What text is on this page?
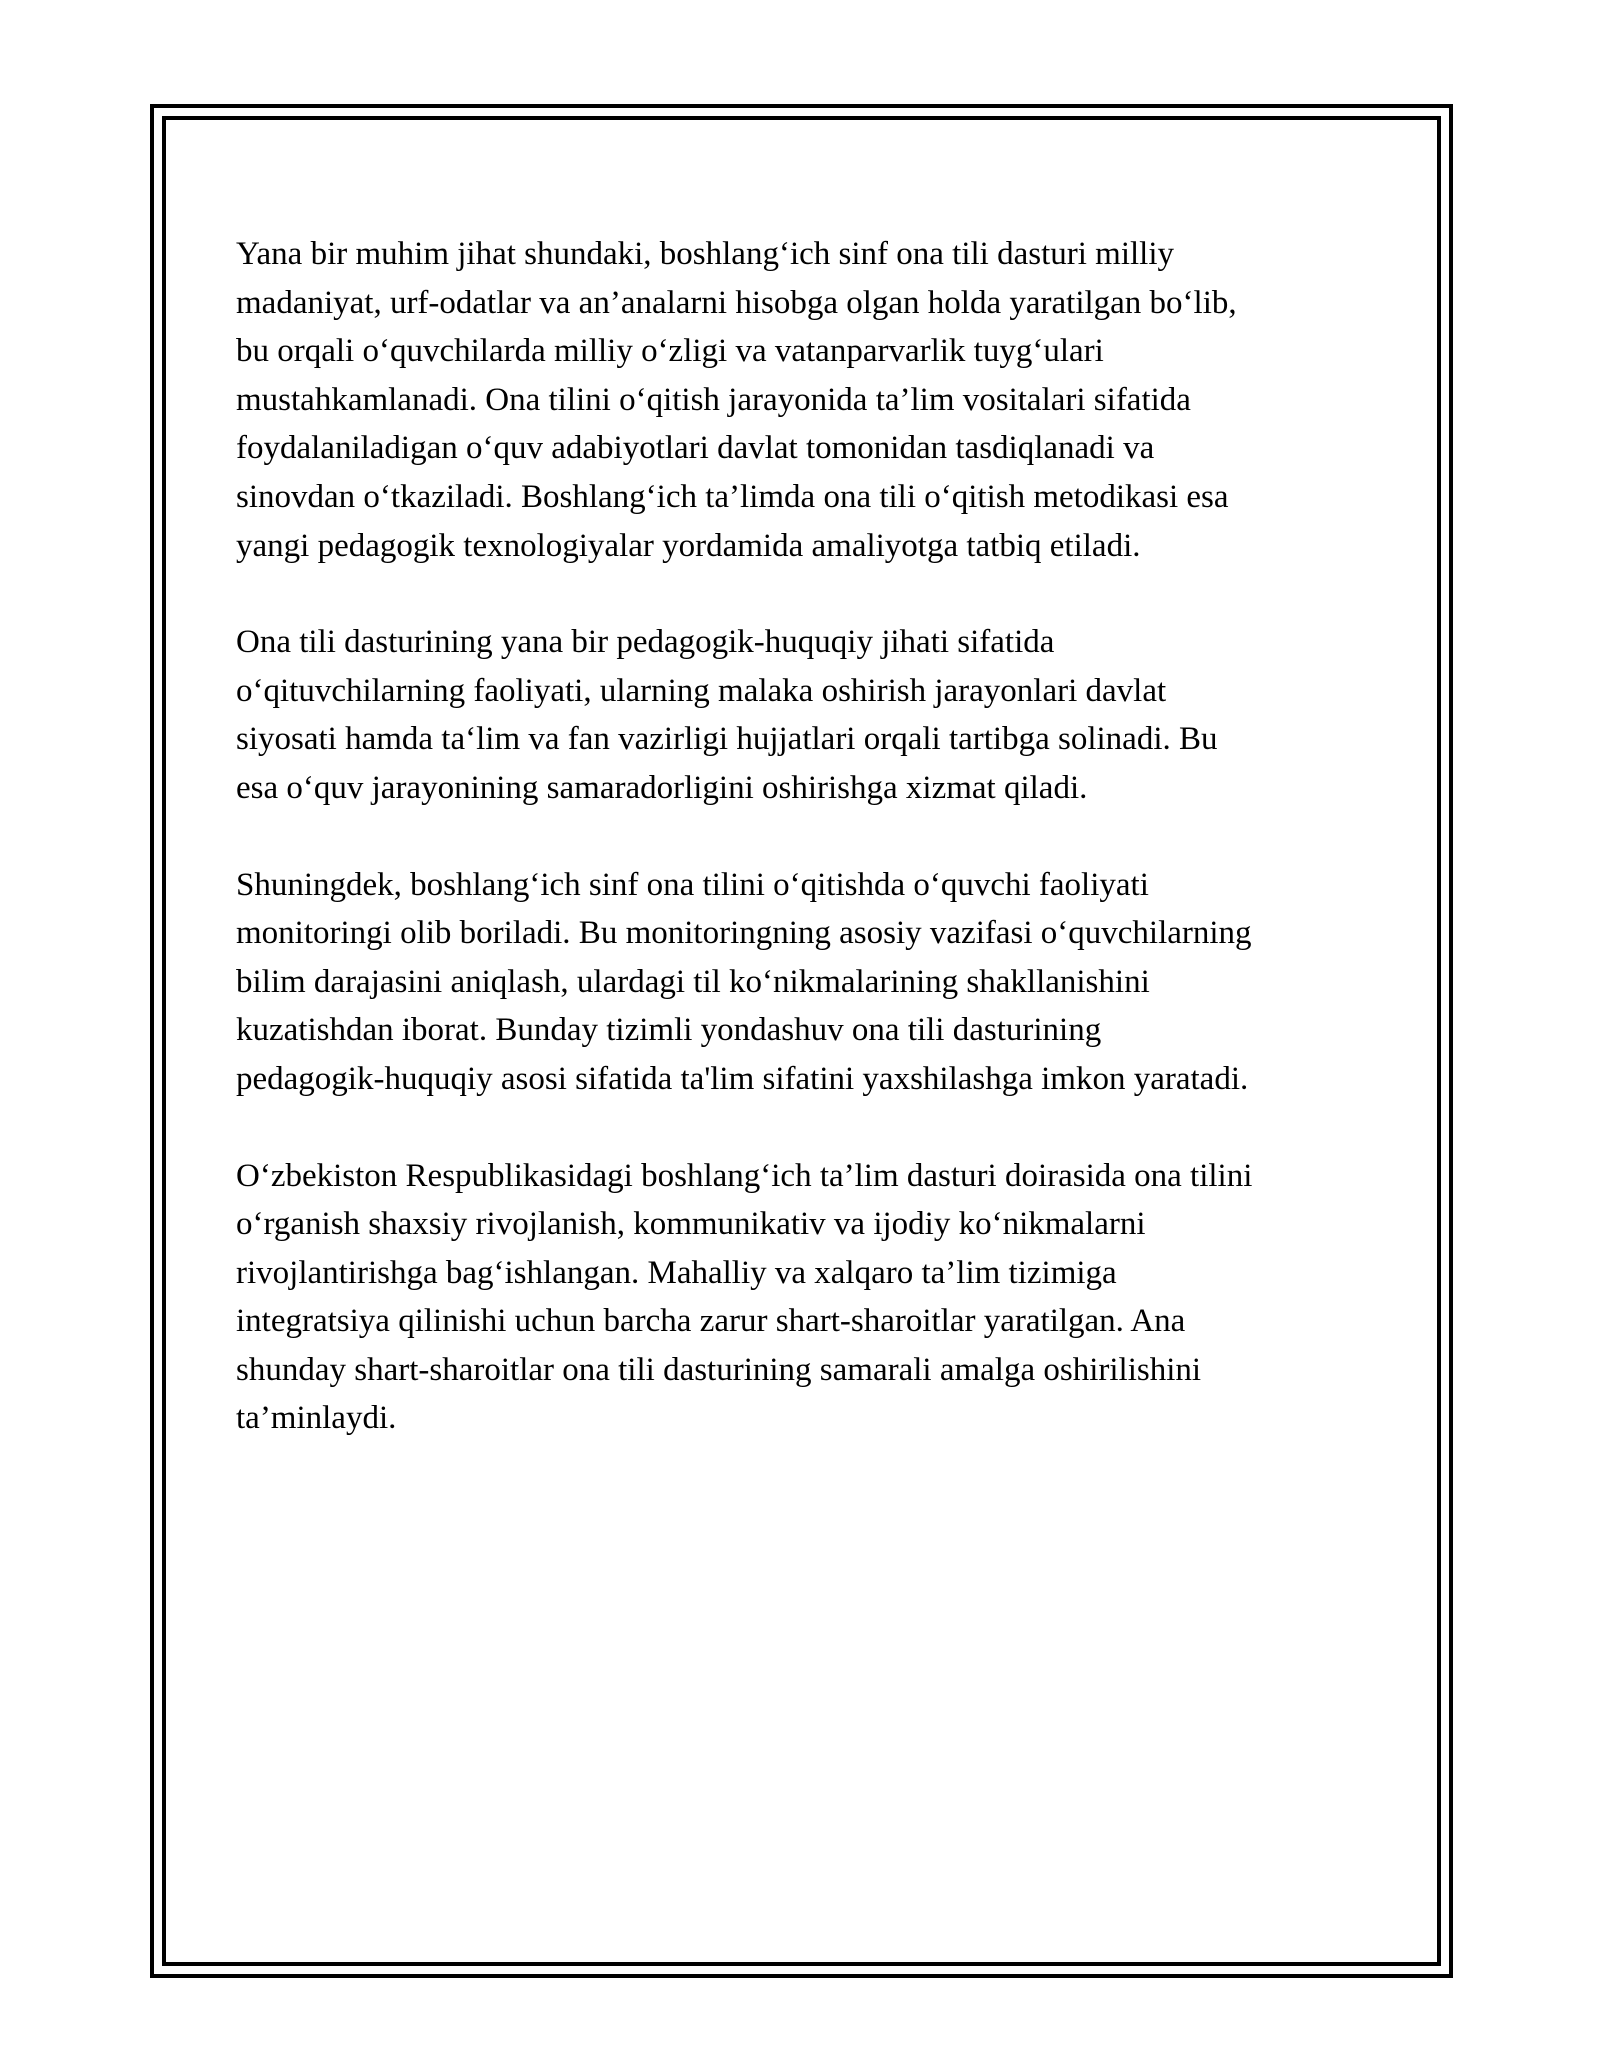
Yana bir muhim jihat shundaki, boshlang‘ich sinf ona tili dasturi milliy
madaniyat, urf-odatlar va an’analarni hisobga olgan holda yaratilgan bo‘lib,
bu orqali o‘quvchilarda milliy o‘zligi va vatanparvarlik tuyg‘ulari
mustahkamlanadi. Ona tilini o‘qitish jarayonida ta’lim vositalari sifatida
foydalaniladigan o‘quv adabiyotlari davlat tomonidan tasdiqlanadi va
sinovdan o‘tkaziladi. Boshlang‘ich ta’limda ona tili o‘qitish metodikasi esa
yangi pedagogik texnologiyalar yordamida amaliyotga tatbiq etiladi.

Ona tili dasturining yana bir pedagogik-huquqiy jihati sifatida
o‘qituvchilarning faoliyati, ularning malaka oshirish jarayonlari davlat
siyosati hamda ta‘lim va fan vazirligi hujjatlari orqali tartibga solinadi. Bu
esa o‘quv jarayonining samaradorligini oshirishga xizmat qiladi.

Shuningdek, boshlang‘ich sinf ona tilini o‘qitishda o‘quvchi faoliyati
monitoringi olib boriladi. Bu monitoringning asosiy vazifasi o‘quvchilarning
bilim darajasini aniqlash, ulardagi til ko‘nikmalarining shakllanishini
kuzatishdan iborat. Bunday tizimli yondashuv ona tili dasturining
pedagogik-huquqiy asosi sifatida ta'lim sifatini yaxshilashga imkon yaratadi.

O‘zbekiston Respublikasidagi boshlang‘ich ta’lim dasturi doirasida ona tilini
o‘rganish shaxsiy rivojlanish, kommunikativ va ijodiy ko‘nikmalarni
rivojlantirishga bag‘ishlangan. Mahalliy va xalqaro ta’lim tizimiga
integratsiya qilinishi uchun barcha zarur shart-sharoitlar yaratilgan. Ana
shunday shart-sharoitlar ona tili dasturining samarali amalga oshirilishini
ta’minlaydi.
